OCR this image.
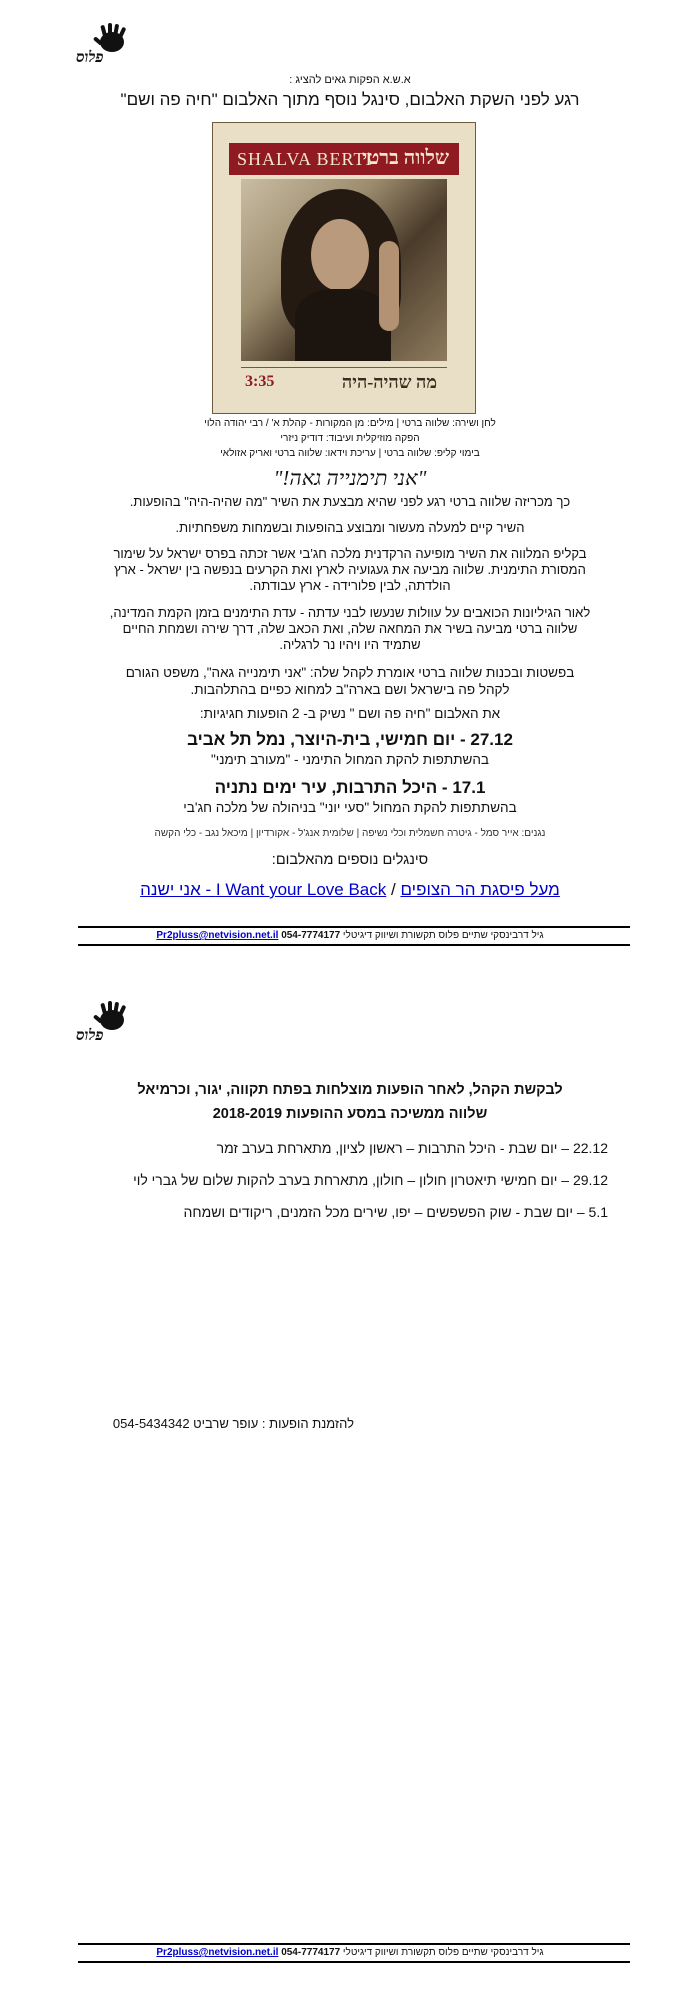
פלוס
א.ש.א הפקות גאים להציג :
רגע לפני השקת האלבום, סינגל נוסף מתוך האלבום "חיה פה ושם"
SHALVA BERTI
שלווה ברטי
מה שהיה-היה
3:35
לחן ושירה: שלווה ברטי | מילים: מן המקורות - קהלת א' / רבי יהודה הלוי
הפקה מוזיקלית ועיבוד: דודיק ניזרי
בימוי קליפ: שלווה ברטי | עריכת וידאו: שלווה ברטי ואריק אזולאי
"אני תימנייה גאה!"
כך מכריזה שלווה ברטי רגע לפני שהיא מבצעת את השיר "מה שהיה-היה" בהופעות.
השיר קיים למעלה מעשור ומבוצע בהופעות ובשמחות משפחתיות.
בקליפ המלווה את השיר מופיעה הרקדנית מלכה חג'בי אשר זכתה בפרס ישראל על שימור המסורת התימנית. שלווה מביעה את געגועיה לארץ ואת הקרעים בנפשה בין ישראל - ארץ הולדתה, לבין פלורידה - ארץ עבודתה.
לאור הגיליונות הכואבים על עוולות שנעשו לבני עדתה - עדת התימנים בזמן הקמת המדינה, שלווה ברטי מביעה בשיר את המחאה שלה, ואת הכאב שלה, דרך שירה ושמחת החיים שתמיד היו ויהיו נר לרגליה.
בפשטות ובכנות שלווה ברטי אומרת לקהל שלה: "אני תימנייה גאה", משפט הגורם לקהל פה בישראל ושם בארה"ב למחוא כפיים בהתלהבות.
את האלבום "חיה פה ושם " נשיק ב- 2 הופעות חגיגיות:
27.12 - יום חמישי, בית-היוצר, נמל תל אביב
בהשתתפות להקת המחול התימני - "מעורב תימני"
17.1 - היכל התרבות, עיר ימים נתניה
בהשתתפות להקת המחול "סעי יוני" בניהולה של מלכה חג'בי
נגנים: אייר סמל - גיטרה חשמלית וכלי נשיפה | שלומית אנג'ל - אקורדיון | מיכאל נגב - כלי הקשה
סינגלים נוספים מהאלבום:
מעל פיסגת הר הצופים / I Want your Love Back - אני ישנה
גיל דרבינסקי שתיים פלוס תקשורת ושיווק דיגיטלי Pr2pluss@netvision.net.il 054-7774177
פלוס
לבקשת הקהל, לאחר הופעות מוצלחות בפתח תקווה, יגור, וכרמיאל
שלווה ממשיכה במסע ההופעות 2018-2019
22.12 – יום שבת - היכל התרבות – ראשון לציון, מתארחת בערב זמר
29.12 – יום חמישי תיאטרון חולון – חולון, מתארחת בערב להקות שלום של גברי לוי
5.1 – יום שבת - שוק הפשפשים – יפו, שירים מכל הזמנים, ריקודים ושמחה
להזמנת הופעות : עופר שרביט 054-5434342
גיל דרבינסקי שתיים פלוס תקשורת ושיווק דיגיטלי Pr2pluss@netvision.net.il 054-7774177
